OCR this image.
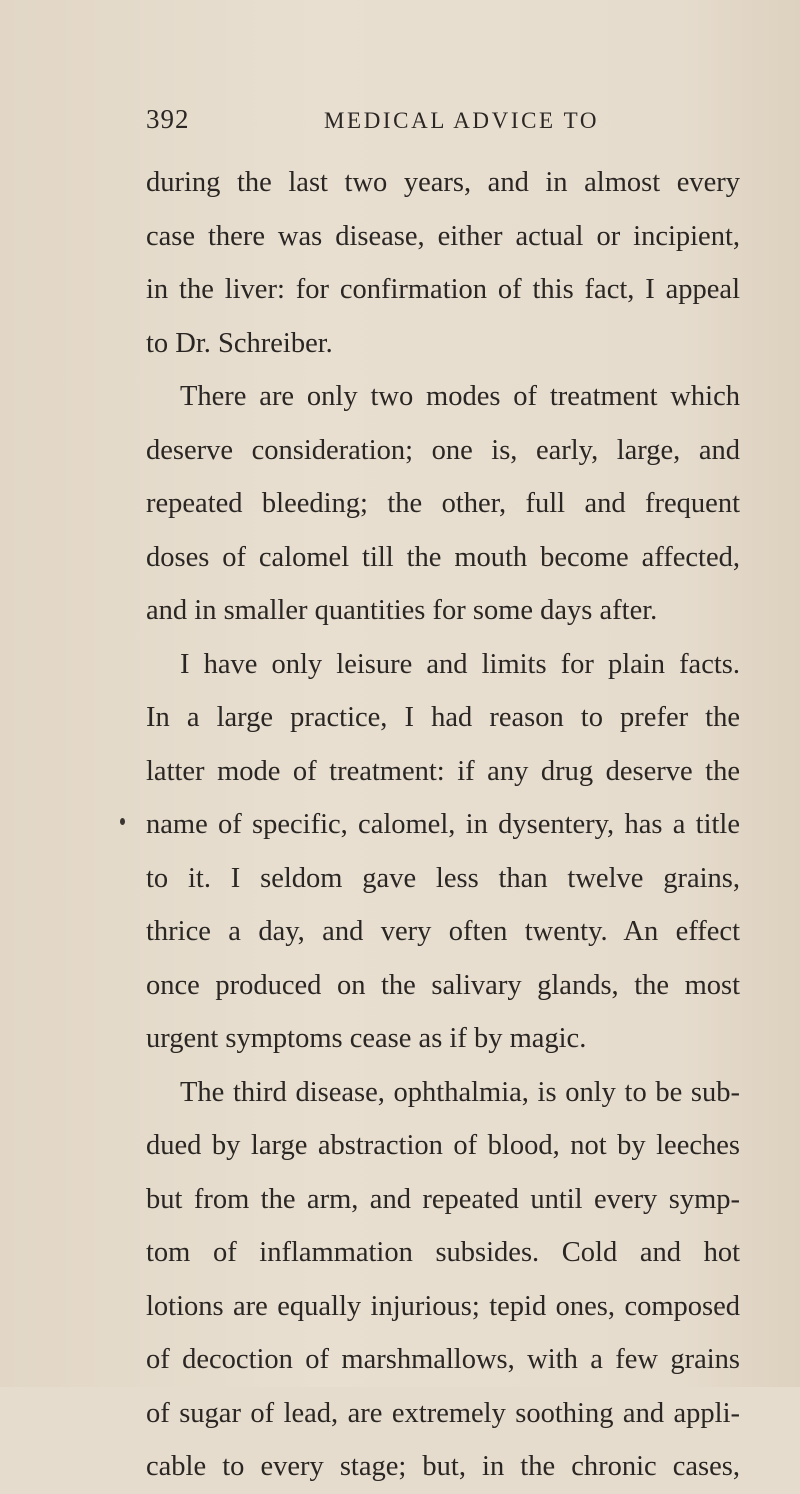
392	MEDICAL ADVICE TO
during the last two years, and in almost every
case there was disease, either actual or incipient,
in the liver: for confirmation of this fact, I appeal
to Dr. Schreiber.
There are only two modes of treatment which
deserve consideration; one is, early, large, and
repeated bleeding; the other, full and frequent
doses of calomel till the mouth become affected,
and in smaller quantities for some days after.
I have only leisure and limits for plain facts.
In a large practice, I had reason to prefer the
latter mode of treatment: if any drug deserve the
name of specific, calomel, in dysentery, has a title
to it. I seldom gave less than twelve grains,
thrice a day, and very often twenty. An effect
once produced on the salivary glands, the most
urgent symptoms cease as if by magic.
The third disease, ophthalmia, is only to be sub-
dued by large abstraction of blood, not by leeches
but from the arm, and repeated until every symp-
tom of inflammation subsides. Cold and hot
lotions are equally injurious; tepid ones, composed
of decoction of marshmallows, with a few grains
of sugar of lead, are extremely soothing and appli-
cable to every stage; but, in the chronic cases,
